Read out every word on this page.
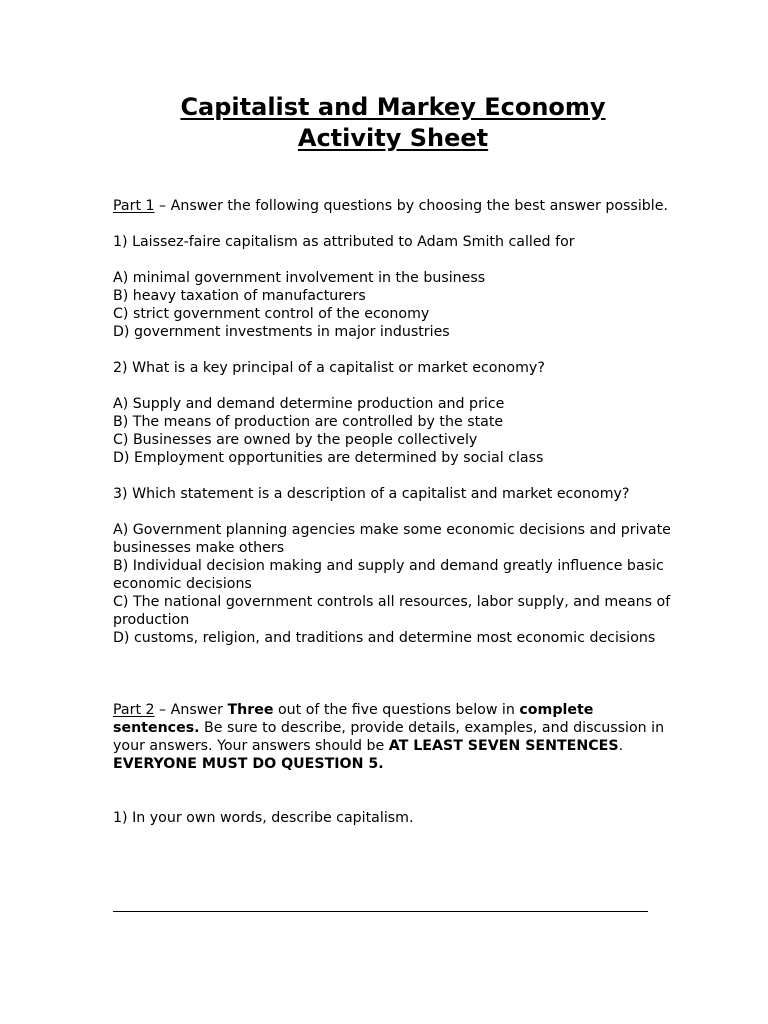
Capitalist and Markey Economy
Activity Sheet

Part 1 – Answer the following questions by choosing the best answer possible.

1) Laissez-faire capitalism as attributed to Adam Smith called for

A) minimal government involvement in the business

B) heavy taxation of manufacturers

C) strict government control of the economy

D) government investments in major industries

2) What is a key principal of a capitalist or market economy?

A) Supply and demand determine production and price

B) The means of production are controlled by the state

C) Businesses are owned by the people collectively

D) Employment opportunities are determined by social class

3) Which statement is a description of a capitalist and market economy?

A) Government planning agencies make some economic decisions and private businesses make others

B) Individual decision making and supply and demand greatly influence basic economic decisions

C) The national government controls all resources, labor supply, and means of production

D) customs, religion, and traditions and determine most economic decisions

Part 2 – Answer Three out of the five questions below in complete sentences. Be sure to describe, provide details, examples, and discussion in your answers. Your answers should be AT LEAST SEVEN SENTENCES. EVERYONE MUST DO QUESTION 5.

1) In your own words, describe capitalism.
